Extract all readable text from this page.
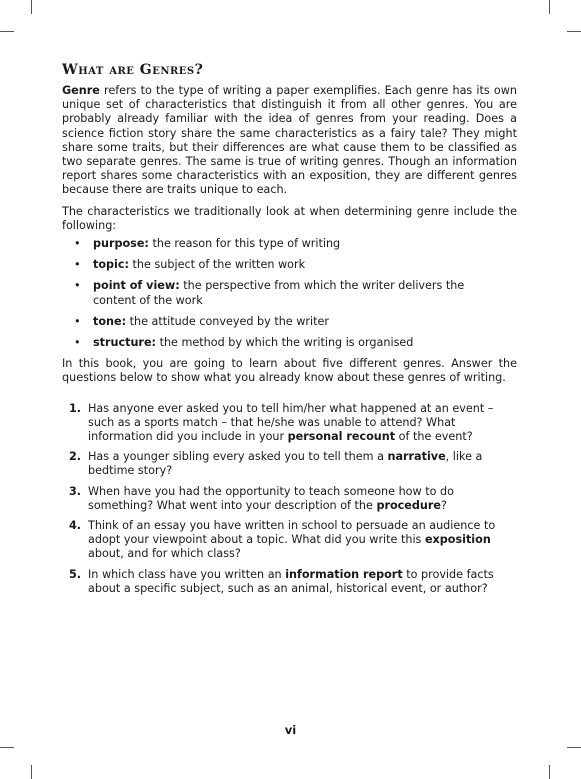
What are Genres?

Genre refers to the type of writing a paper exemplifies. Each genre has its own unique set of characteristics that distinguish it from all other genres. You are probably already familiar with the idea of genres from your reading. Does a science fiction story share the same characteristics as a fairy tale? They might share some traits, but their differences are what cause them to be classified as two separate genres. The same is true of writing genres. Though an information report shares some characteristics with an exposition, they are different genres because there are traits unique to each.

The characteristics we traditionally look at when determining genre include the following:

• purpose: the reason for this type of writing
• topic: the subject of the written work
• point of view: the perspective from which the writer delivers the content of the work
• tone: the attitude conveyed by the writer
• structure: the method by which the writing is organised

In this book, you are going to learn about five different genres. Answer the questions below to show what you already know about these genres of writing.

1. Has anyone ever asked you to tell him/her what happened at an event – such as a sports match – that he/she was unable to attend? What information did you include in your personal recount of the event?
2. Has a younger sibling every asked you to tell them a narrative, like a bedtime story?
3. When have you had the opportunity to teach someone how to do something? What went into your description of the procedure?
4. Think of an essay you have written in school to persuade an audience to adopt your viewpoint about a topic. What did you write this exposition about, and for which class?
5. In which class have you written an information report to provide facts about a specific subject, such as an animal, historical event, or author?
vi
